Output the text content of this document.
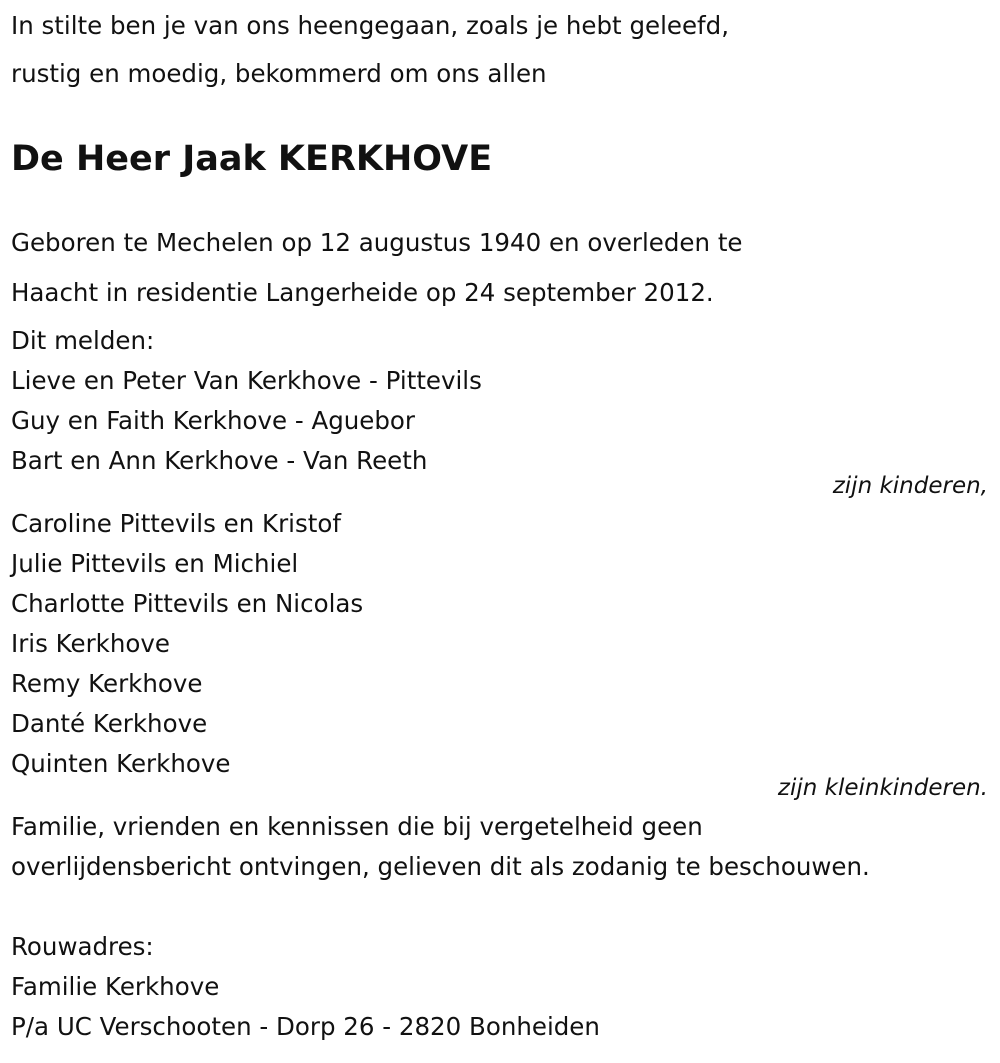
In stilte ben je van ons heengegaan, zoals je hebt geleefd,
rustig en moedig, bekommerd om ons allen
De Heer Jaak KERKHOVE
Geboren te Mechelen op 12 augustus 1940 en overleden te
Haacht in residentie Langerheide op 24 september 2012.
Dit melden:
Lieve en Peter Van Kerkhove - Pittevils
Guy en Faith Kerkhove - Aguebor
Bart en Ann Kerkhove - Van Reeth
zijn kinderen,
Caroline Pittevils en Kristof
Julie Pittevils en Michiel
Charlotte Pittevils en Nicolas
Iris Kerkhove
Remy Kerkhove
Danté Kerkhove
Quinten Kerkhove
zijn kleinkinderen.
Familie, vrienden en kennissen die bij vergetelheid geen
overlijdensbericht ontvingen, gelieven dit als zodanig te beschouwen.
Rouwadres:
Familie Kerkhove
P/a UC Verschooten - Dorp 26 - 2820 Bonheiden
